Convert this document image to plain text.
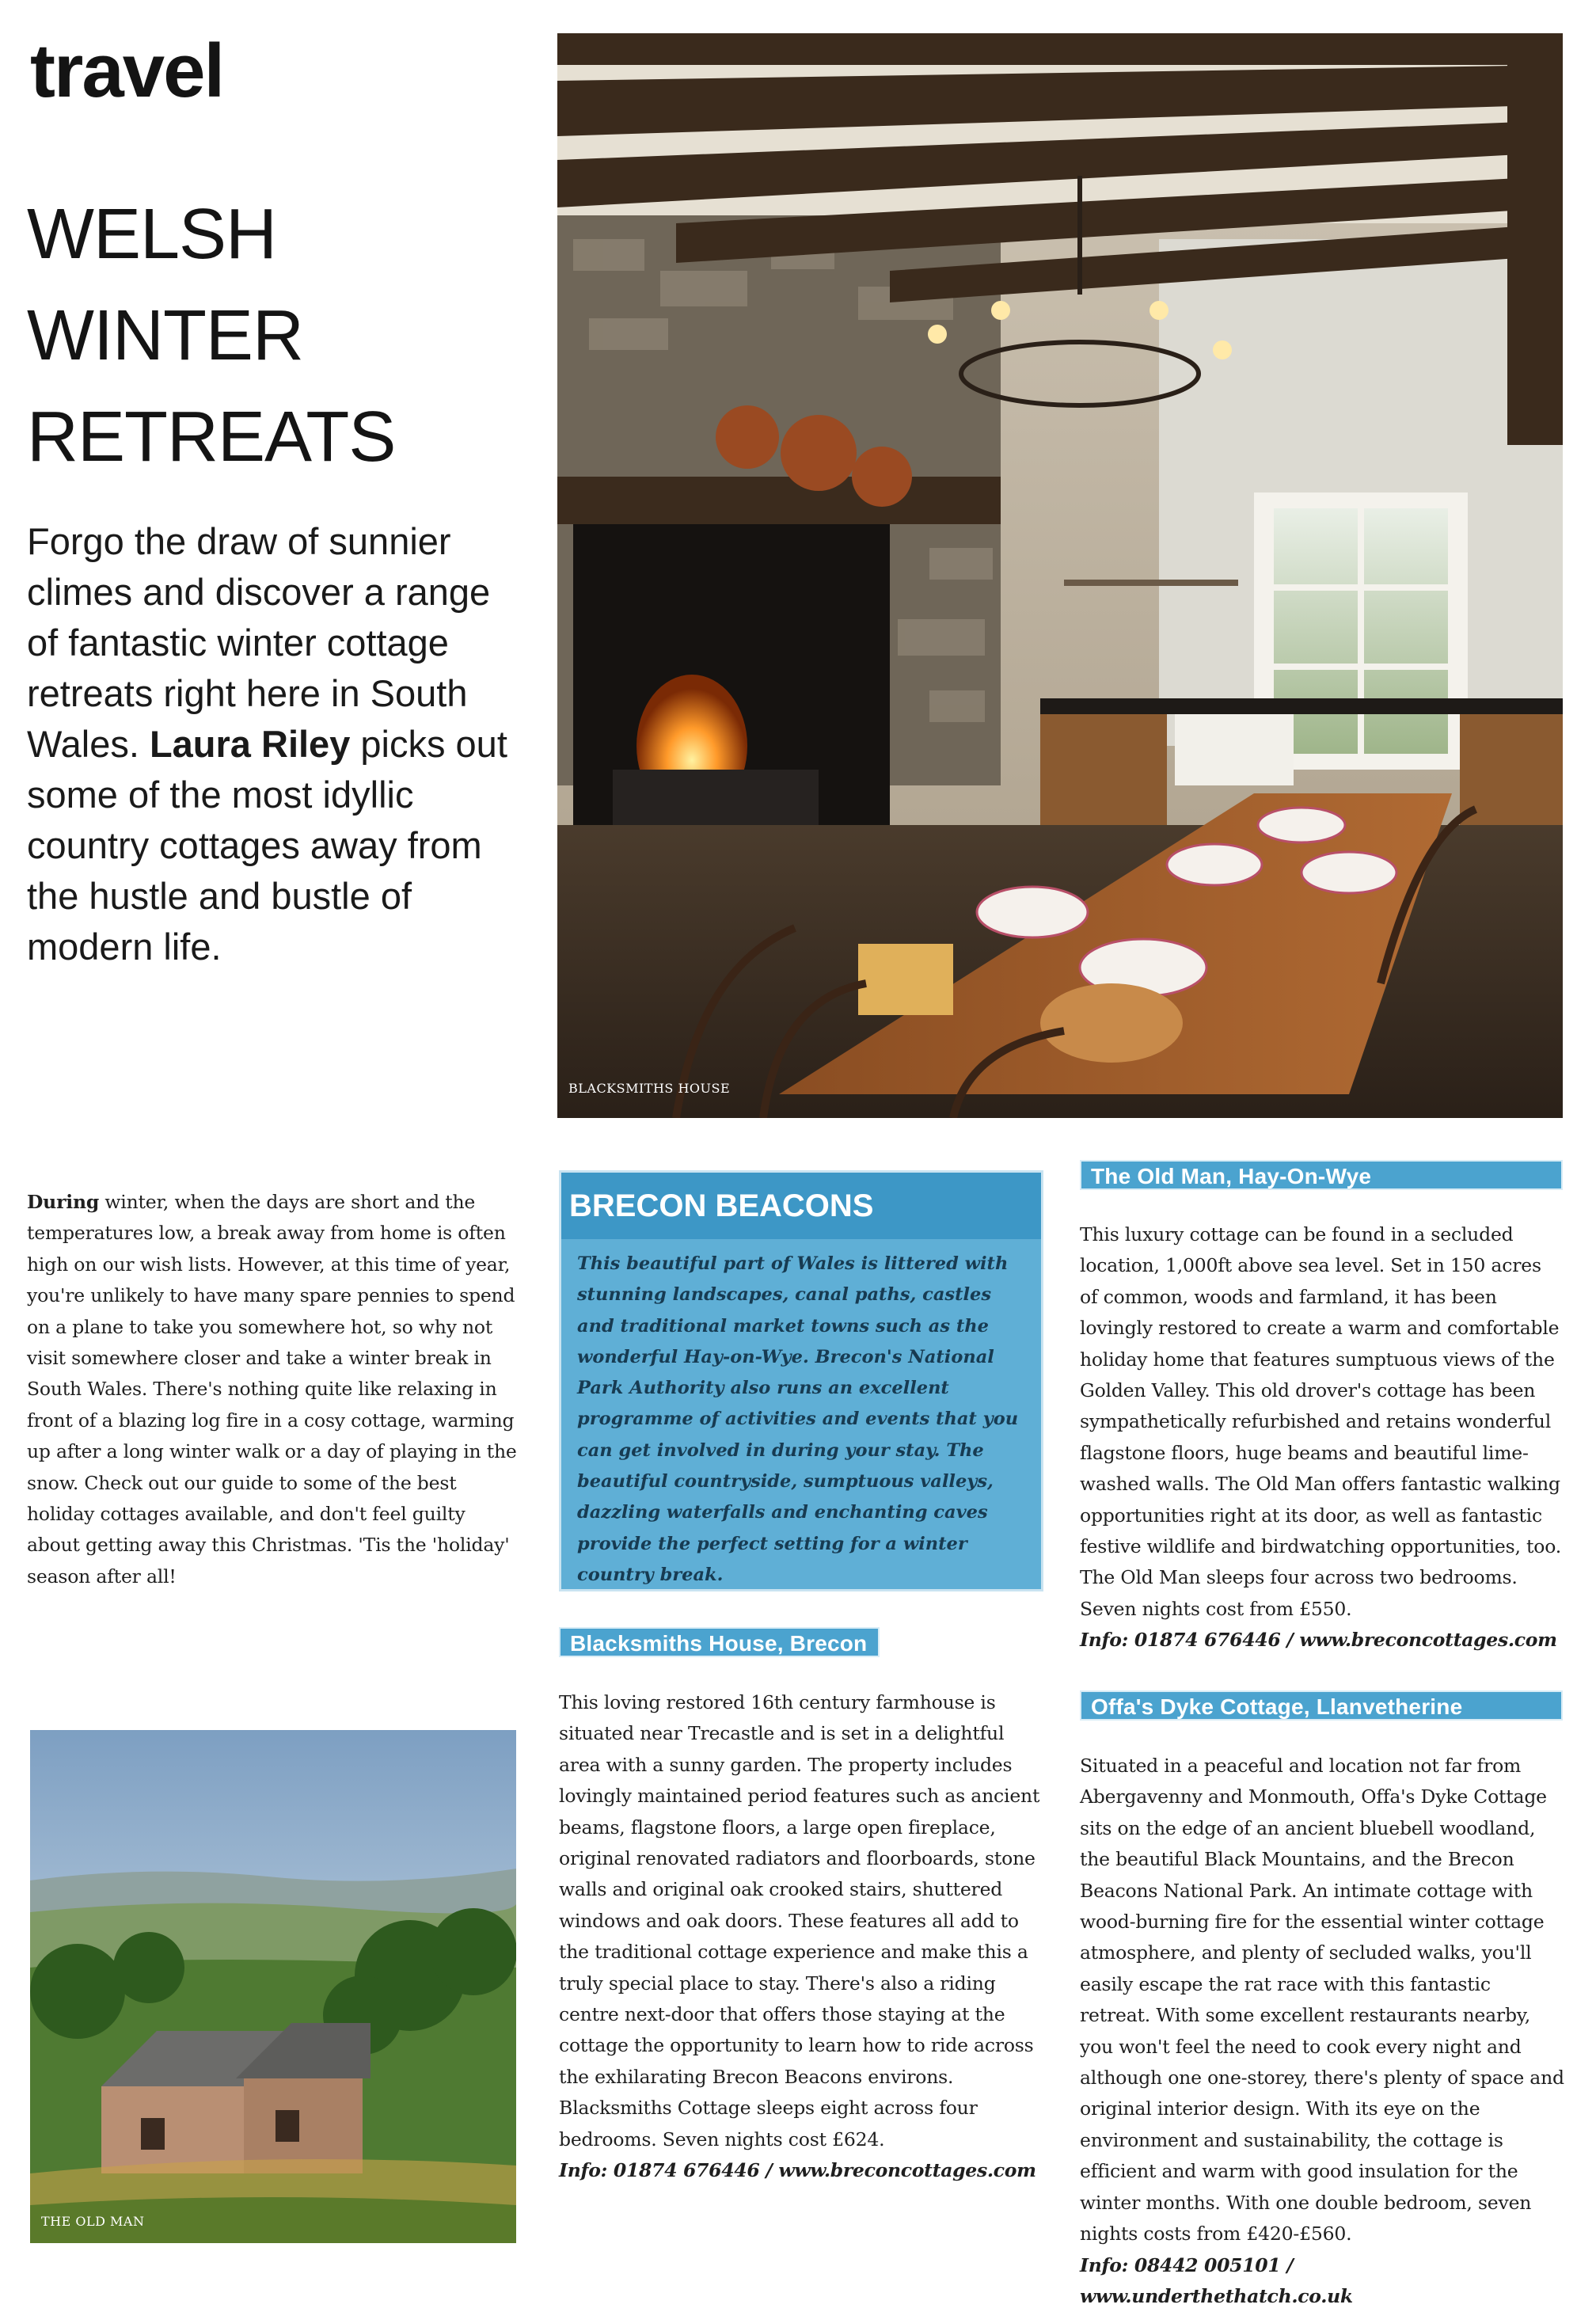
travel
WELSH
WINTER
RETREATS
Forgo the draw of sunnier climes and discover a range of fantastic winter cottage retreats right here in South Wales. Laura Riley picks out some of the most idyllic country cottages away from the hustle and bustle of modern life.
BLACKSMITHS HOUSE

During winter, when the days are short and the temperatures low, a break away from home is often high on our wish lists. However, at this time of year, you're unlikely to have many spare pennies to spend on a plane to take you somewhere hot, so why not visit somewhere closer and take a winter break in South Wales. There's nothing quite like relaxing in front of a blazing log fire in a cosy cottage, warming up after a long winter walk or a day of playing in the snow. Check out our guide to some of the best holiday cottages available, and don't feel guilty about getting away this Christmas. 'Tis the 'holiday' season after all!

BRECON BEACONS
This beautiful part of Wales is littered with stunning landscapes, canal paths, castles and traditional market towns such as the wonderful Hay-on-Wye. Brecon's National Park Authority also runs an excellent programme of activities and events that you can get involved in during your stay. The beautiful countryside, sumptuous valleys, dazzling waterfalls and enchanting caves provide the perfect setting for a winter country break.
Blacksmiths House, Brecon

This loving restored 16th century farmhouse is situated near Trecastle and is set in a delightful area with a sunny garden. The property includes lovingly maintained period features such as ancient beams, flagstone floors, a large open fireplace, original renovated radiators and floorboards, stone walls and original oak crooked stairs, shuttered windows and oak doors. These features all add to the traditional cottage experience and make this a truly special place to stay. There's also a riding centre next-door that offers those staying at the cottage the opportunity to learn how to ride across the exhilarating Brecon Beacons environs. Blacksmiths Cottage sleeps eight across four bedrooms. Seven nights cost £624.

Info: 01874 676446 / www.breconcottages.com
The Old Man, Hay-On-Wye

This luxury cottage can be found in a secluded location, 1,000ft above sea level. Set in 150 acres of common, woods and farmland, it has been lovingly restored to create a warm and comfortable holiday home that features sumptuous views of the Golden Valley. This old drover's cottage has been sympathetically refurbished and retains wonderful flagstone floors, huge beams and beautiful lime-washed walls. The Old Man offers fantastic walking opportunities right at its door, as well as fantastic festive wildlife and birdwatching opportunities, too. The Old Man sleeps four across two bedrooms. Seven nights cost from £550.

Info: 01874 676446 / www.breconcottages.com
Offa's Dyke Cottage, Llanvetherine

Situated in a peaceful and location not far from Abergavenny and Monmouth, Offa's Dyke Cottage sits on the edge of an ancient bluebell woodland, the beautiful Black Mountains, and the Brecon Beacons National Park. An intimate cottage with wood-burning fire for the essential winter cottage atmosphere, and plenty of secluded walks, you'll easily escape the rat race with this fantastic retreat. With some excellent restaurants nearby, you won't feel the need to cook every night and although one one-storey, there's plenty of space and original interior design. With its eye on the environment and sustainability, the cottage is efficient and warm with good insulation for the winter months. With one double bedroom, seven nights costs from £420-£560.

Info: 08442 005101 / www.underthethatch.co.uk
THE OLD MAN
